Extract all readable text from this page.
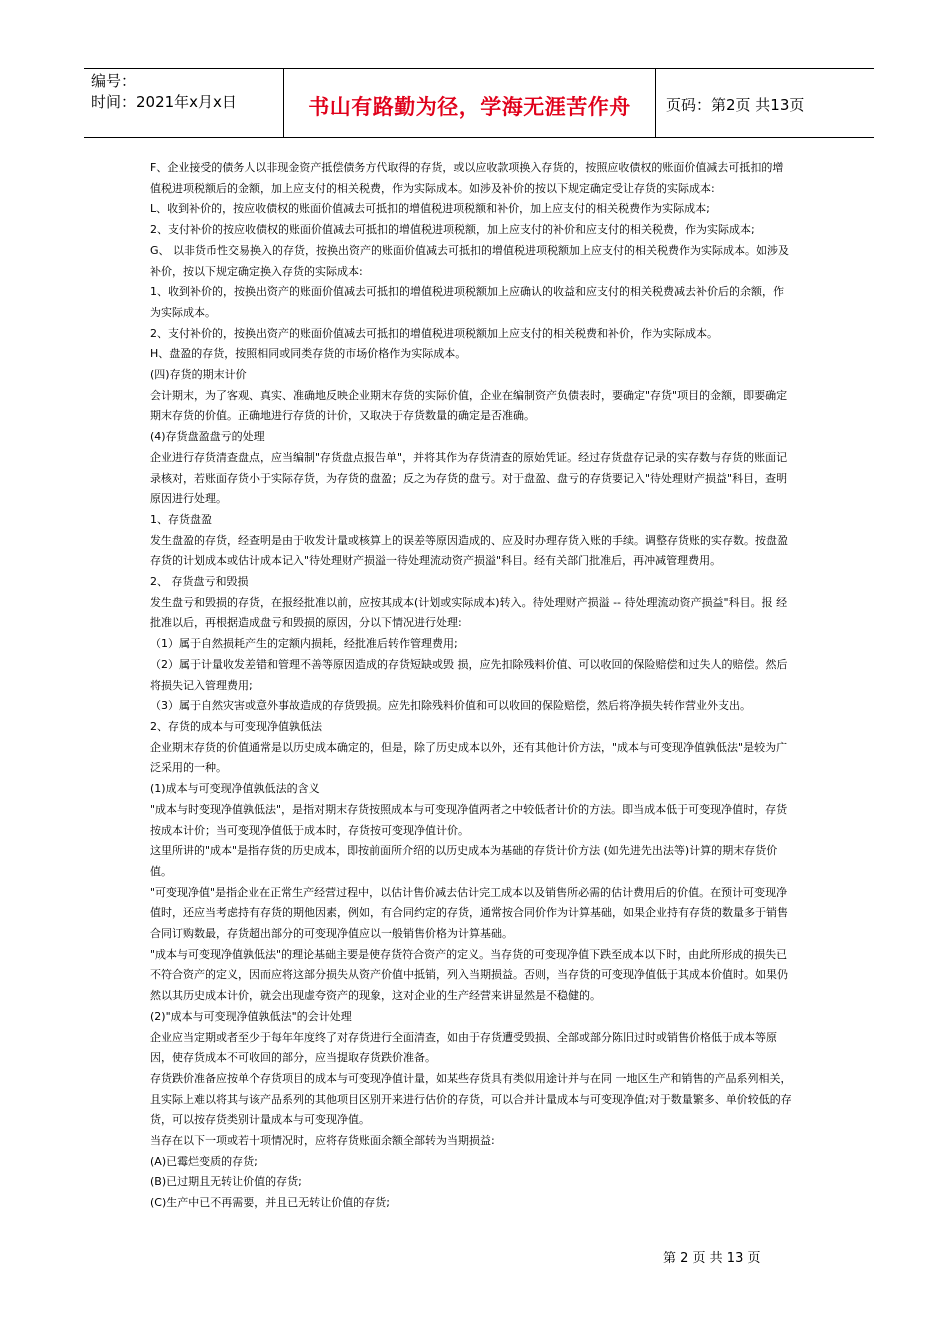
编号：
时间：2021年x月x日	书山有路勤为径，学海无涯苦作舟	页码：第2页 共13页

F、企业接受的债务人以非现金资产抵偿债务方代取得的存货，或以应收款项换入存货的，按照应收债权的账面价值减去可抵扣的增

值税进项税额后的金额，加上应支付的相关税费，作为实际成本。如涉及补价的按以下规定确定受让存货的实际成本:

L、收到补价的，按应收债权的账面价值减去可抵扣的增值税进项税额和补价，加上应支付的相关税费作为实际成本;

2、支付补价的按应收债权的账面价值减去可抵扣的增值税进项税额，加上应支付的补价和应支付的相关税费，作为实际成本;

G、 以非货币性交易换入的存货，按换出资产的账面价值减去可抵扣的增值税进项税额加上应支付的相关税费作为实际成本。如涉及

补价，按以下规定确定换入存货的实际成本:

1、收到补价的，按换出资产的账面价值减去可抵扣的增值税进项税额加上应确认的收益和应支付的相关税费减去补价后的余额，作

为实际成本。

2、支付补价的，按换出资产的账面价值减去可抵扣的增值税进项税额加上应支付的相关税费和补价，作为实际成本。

H、盘盈的存货，按照相同或同类存货的市场价格作为实际成本。

(四)存货的期末计价

会计期末，为了客观、真实、准确地反映企业期末存货的实际价值，企业在编制资产负债表时，要确定"存货"项目的金额，即要确定

期末存货的价值。正确地进行存货的计价，又取决于存货数量的确定是否准确。

(4)存货盘盈盘亏的处理

企业进行存货清查盘点，应当编制"存货盘点报告单"，并将其作为存货清查的原始凭证。经过存货盘存记录的实存数与存货的账面记

录核对，若账面存货小于实际存货，为存货的盘盈；反之为存货的盘亏。对于盘盈、盘亏的存货要记入"待处理财产损益"科目，查明

原因进行处理。

1、存货盘盈

发生盘盈的存货，经查明是由于收发计量或核算上的误差等原因造成的、应及时办理存货入账的手续。调整存货账的实存数。按盘盈

存货的计划成本或估计成本记入"待处理财产损溢一待处理流动资产损溢"科目。经有关部门批准后，再冲减管理费用。

2、 存货盘亏和毁损

发生盘亏和毁损的存货，在报经批准以前，应按其成本(计划或实际成本)转入。待处理财产损溢 -- 待处理流动资产损益"科目。报 经

批准以后，再根据造成盘亏和毁损的原因，分以下情况进行处理:

（1）属于自然损耗产生的定额内损耗，经批准后转作管理费用;

（2）属于计量收发差错和管理不善等原因造成的存货短缺或毁 损，应先扣除残料价值、可以收回的保险赔偿和过失人的赔偿。然后

将损失记入管理费用;

（3）属于自然灾害或意外事故造成的存货毁损。应先扣除残料价值和可以收回的保险赔偿，然后将净损失转作营业外支出。

2、存货的成本与可变现净值孰低法

企业期末存货的价值通常是以历史成本确定的，但是，除了历史成本以外，还有其他计价方法，"成本与可变现净值孰低法"是较为广

泛采用的一种。

(1)成本与可变现净值孰低法的含义

"成本与时变现净值孰低法"，是指对期末存货按照成本与可变现净值两者之中较低者计价的方法。即当成本低于可变现净值时，存货

按成本计价；当可变现净值低于成本时，存货按可变现净值计价。

这里所讲的"成本"是指存货的历史成本，即按前面所介绍的以历史成本为基础的存货计价方法 (如先进先出法等)计算的期末存货价

值。

"可变现净值"是指企业在正常生产经营过程中，以估计售价减去估计完工成本以及销售所必需的估计费用后的价值。在预计可变现净

值时，还应当考虑持有存货的期他因素，例如，有合同约定的存货，通常按合同价作为计算基础，如果企业持有存货的数量多于销售

合同订购数最，存货超出部分的可变现净值应以一般销售价格为计算基础。

"成本与可变现净值孰低法"的理论基础主要是使存货符合资产的定义。当存货的可变现净值下跌至成本以下时，由此所形成的损失已

不符合资产的定义，因而应将这部分损失从资产价值中抵销，列入当期损益。否则，当存货的可变现净值低于其成本价值时。如果仍

然以其历史成本计价，就会出现虚夸资产的现象，这对企业的生产经营来讲显然是不稳健的。

(2)"成本与可变现净值孰低法"的会计处理

企业应当定期或者至少于每年年度终了对存货进行全面清查，如由于存货遭受毁损、全部或部分陈旧过时或销售价格低于成本等原

因，使存货成本不可收回的部分，应当提取存货跌价准备。

存货跌价准备应按单个存货项目的成本与可变现净值计量，如某些存货具有类似用途计并与在同 一地区生产和销售的产品系列相关，

且实际上难以将其与该产品系列的其他项目区别开来进行估价的存货，可以合并计量成本与可变现净值;对于数量繁多、单价较低的存

货，可以按存货类别计量成本与可变现净值。

当存在以下一项或若十项情况时，应将存货账面余额全部转为当期损益:

(A)已霉烂变质的存货;

(B)已过期且无转让价值的存货;

(C)生产中已不再需要，并且已无转让价值的存货;

第 2 页 共 13 页
